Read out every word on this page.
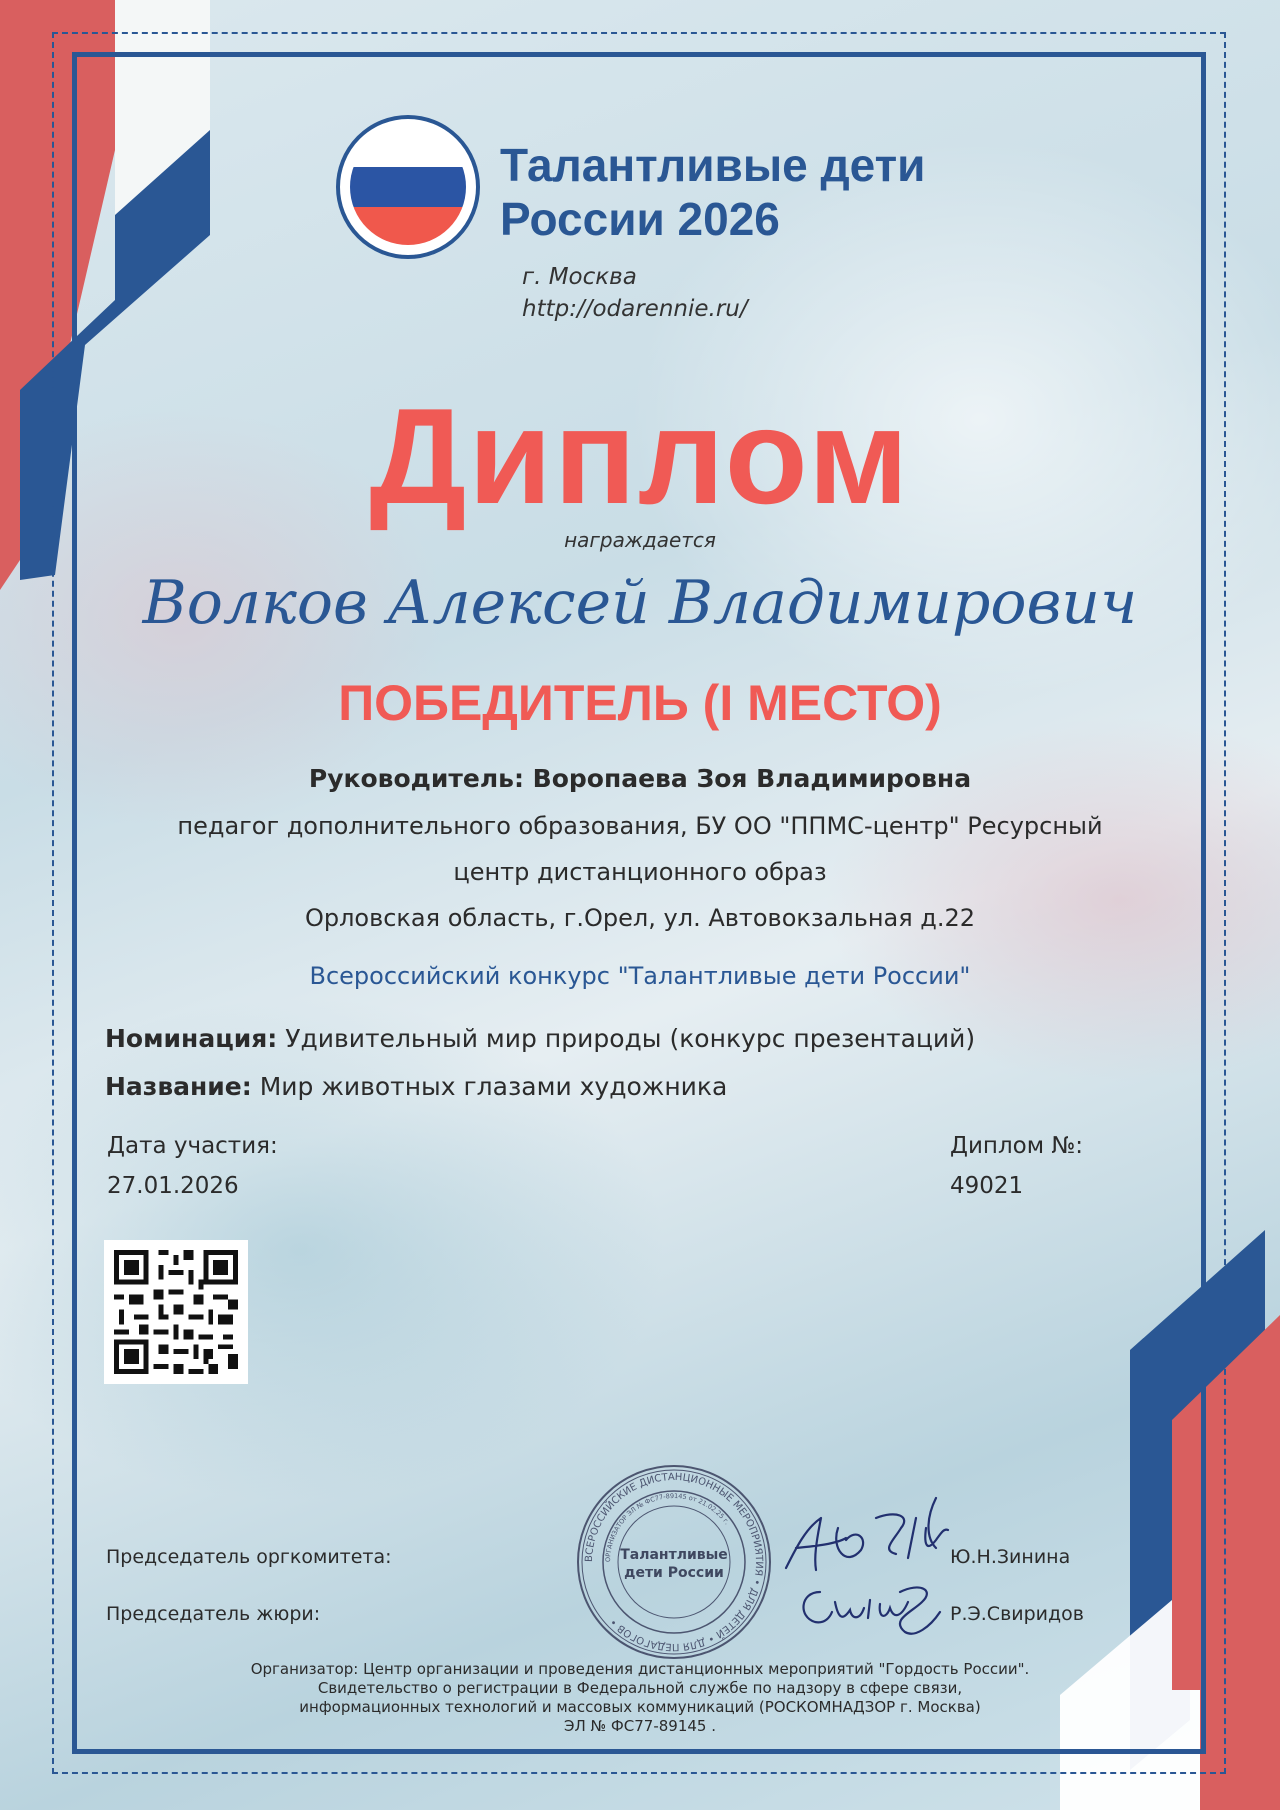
Талантливые дети
России 2026
г. Москва
http://odarennie.ru/
Диплом
награждается
Волков Алексей Владимирович
ПОБЕДИТЕЛЬ (I МЕСТО)
Руководитель: Воропаева Зоя Владимировна
педагог дополнительного образования, БУ ОО "ППМС-центр" Ресурсный
центр дистанционного образ
Орловская область, г.Орел, ул. Автовокзальная д.22
Всероссийский конкурс "Талантливые дети России"
Номинация: Удивительный мир природы (конкурс презентаций)
Название: Мир животных глазами художника
Дата участия:
27.01.2026
Диплом №:
49021
Председатель оргкомитета:
Председатель жюри:
Ю.Н.Зинина
Р.Э.Свиридов
ВСЕРОССИЙСКИЕ ДИСТАНЦИОННЫЕ МЕРОПРИЯТИЯ • ДЛЯ ДЕТЕЙ • ДЛЯ ПЕДАГОГОВ •
ОРГАНИЗАТОР ЭЛ № ФС77-89145 от 21.02.25 г.
Талантливые
дети России
Организатор: Центр организации и проведения дистанционных мероприятий "Гордость России".
Свидетельство о регистрации в Федеральной службе по надзору в сфере связи,
информационных технологий и массовых коммуникаций (РОСКОМНАДЗОР г. Москва)
ЭЛ № ФС77-89145 .
